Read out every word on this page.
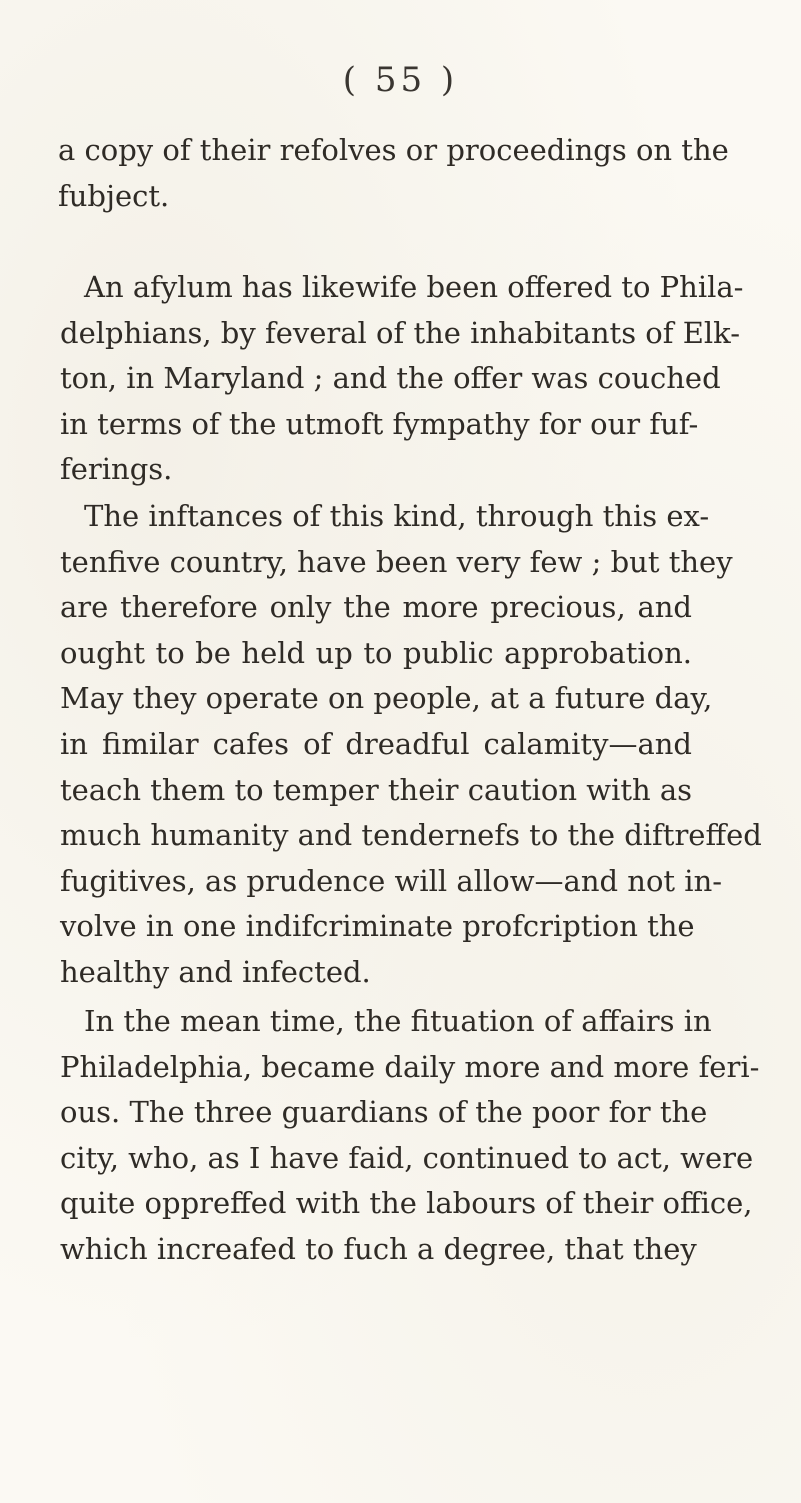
( 55 )
a copy of their refolves or proceedings on the
fubject.
An afylum has likewife been offered to Phila-
delphians, by feveral of the inhabitants of Elk-
ton, in Maryland ; and the offer was couched
in terms of the utmoft fympathy for our fuf-
ferings.
The inftances of this kind, through this ex-
tenfive country, have been very few ; but they
are therefore only the more precious, and
ought to be held up to public approbation.
May they operate on people, at a future day,
in fimilar cafes of dreadful calamity—and
teach them to temper their caution with as
much humanity and tendernefs to the diftreffed
fugitives, as prudence will allow—and not in-
volve in one indifcriminate profcription the
healthy and infected.
In the mean time, the fituation of affairs in
Philadelphia, became daily more and more feri-
ous. The three guardians of the poor for the
city, who, as I have faid, continued to act, were
quite oppreffed with the labours of their office,
which increafed to fuch a degree, that they
